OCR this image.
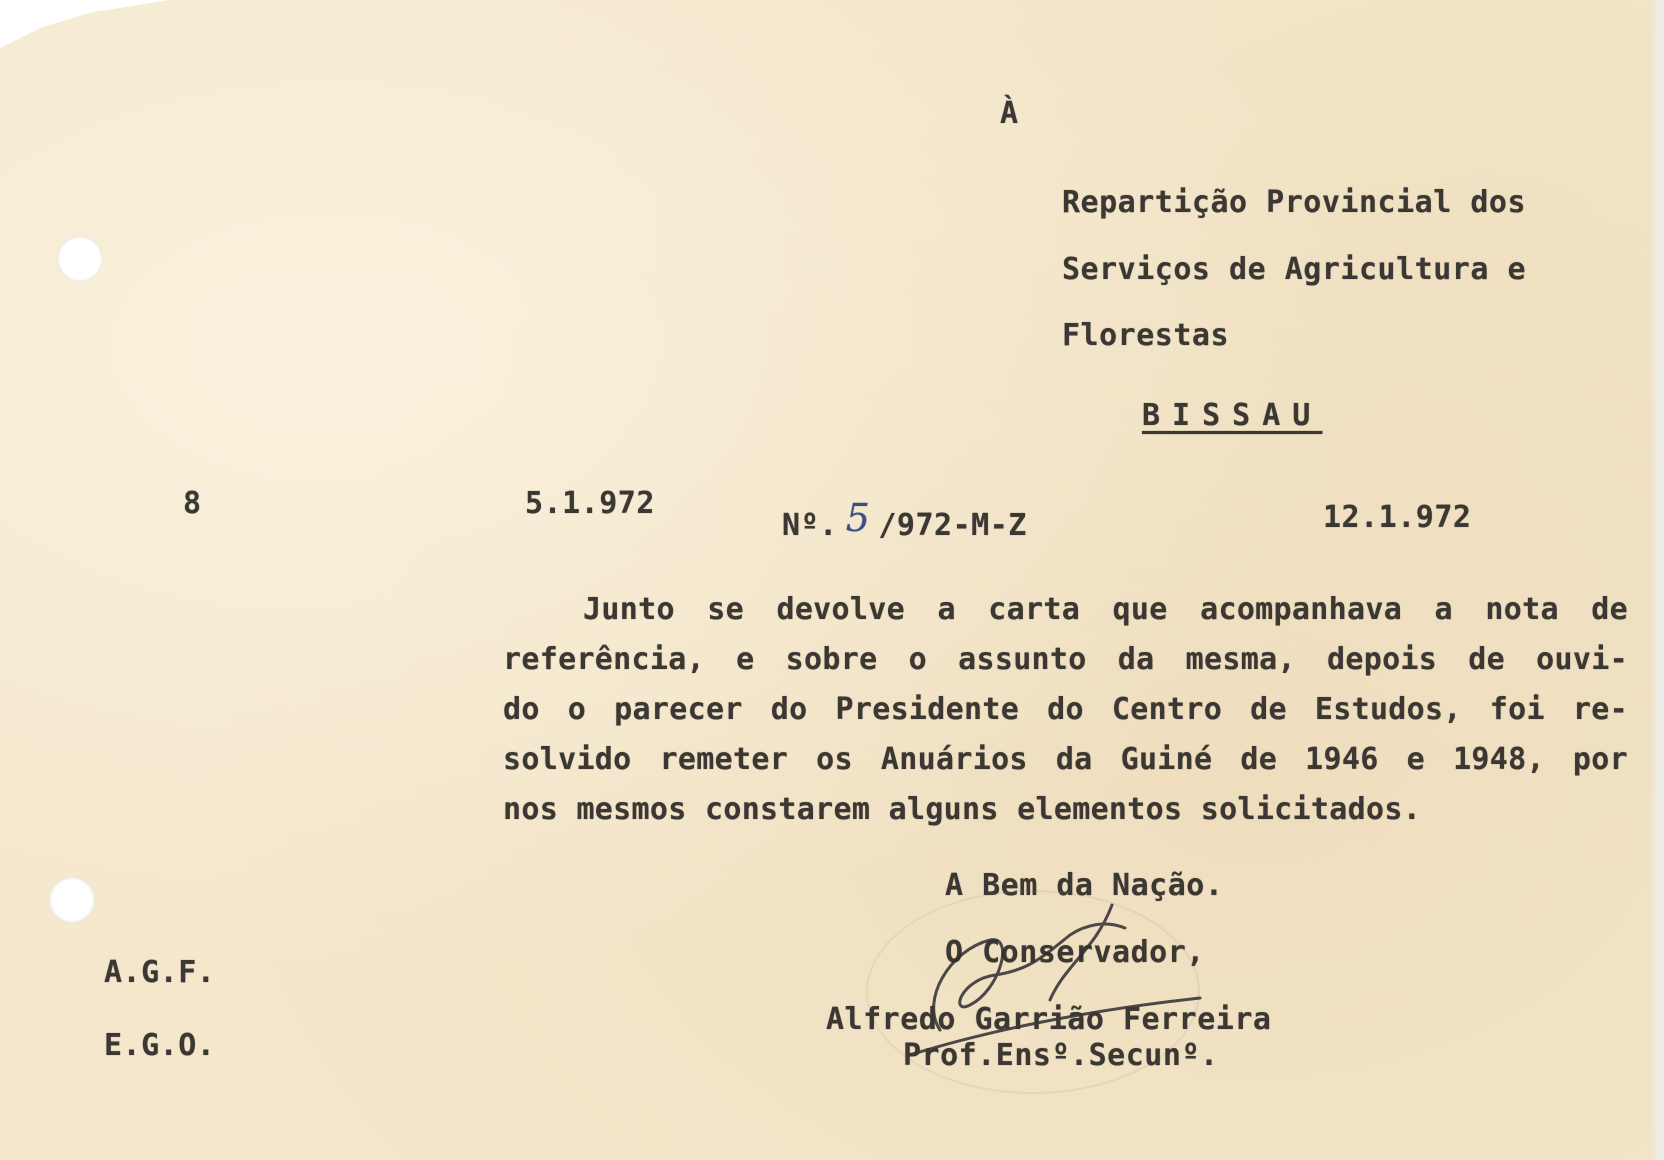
À
Repartição Provincial dos
Serviços de Agricultura e
Florestas
BISSAU
8	5.1.972
Nº. 5 /972-M-Z	12.1.972
Junto se devolve a carta que acompanhava a nota de
referência, e sobre o assunto da mesma, depois de ouvi-
do o parecer do Presidente do Centro de Estudos, foi re-
solvido remeter os Anuários da Guiné de 1946 e 1948, por
nos mesmos constarem alguns elementos solicitados.
A Bem da Nação.
O Conservador,
Alfredo Garrião Ferreira
Prof.Ensº.Secunº.
A.G.F.
E.G.O.
